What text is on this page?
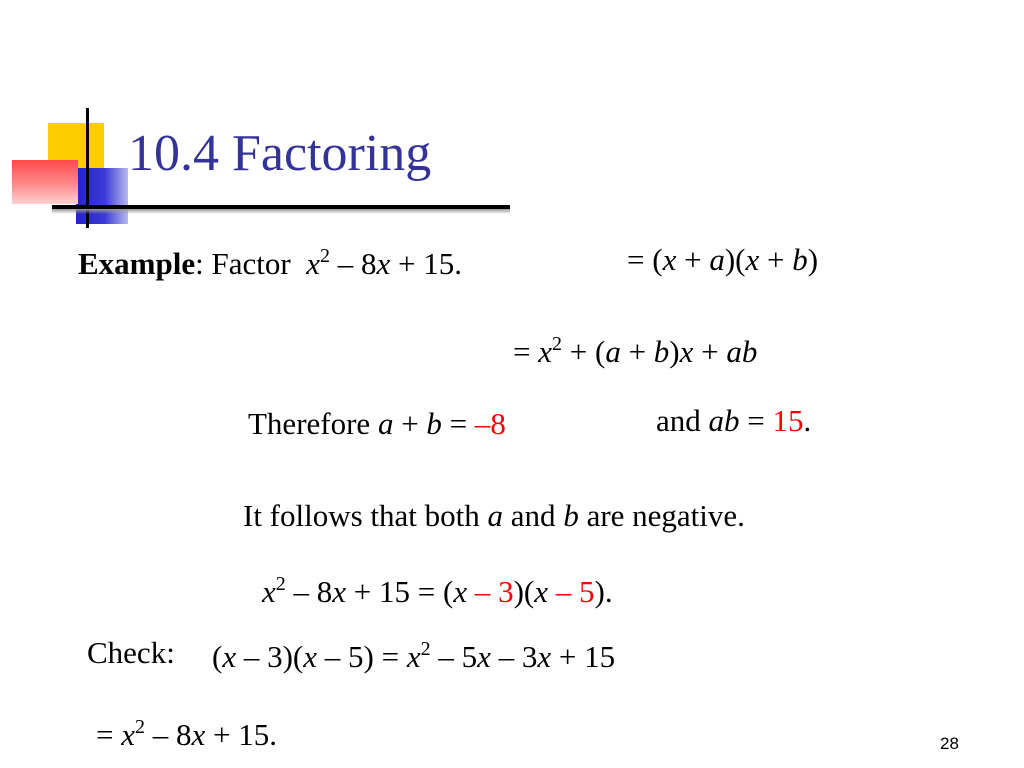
10.4 Factoring
Example: Factor $x^2 - 8x + 15$.	= (x + a)(x + b)
= $x^2 + (a + b)x$ + ab
Therefore a + b = –8	and ab = 15.
It follows that both a and b are negative.
$x^2 - 8x + 15 = (x - 3)(x - 5)$.
Check: $(x - 3)(x - 5) = x^2 - 5x - 3x + 15$
= $x^2 - 8x + 15$.	28
